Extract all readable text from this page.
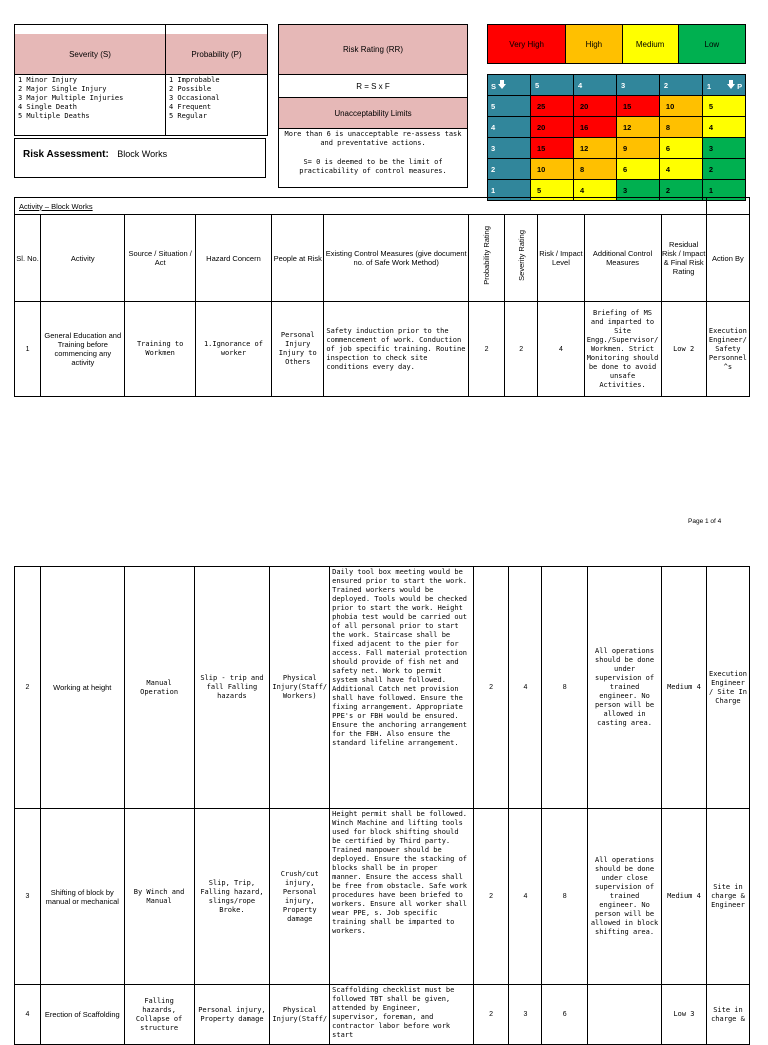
Severity (S)	Probability (P)
1 Minor Injury
2 Major Single Injury
3 Major Multiple Injuries
4 Single Death
5 Multiple Deaths
1 Improbable
2 Possible
3 Occasional
4 Frequent
5 Regular
Risk Assessment: Block Works
Risk Rating (RR)
R = S x F
Unacceptability Limits
More than 6 is unacceptable re-assess task and preventative actions.
S= 0 is deemed to be the limit of practicability of control measures.
Very High	High	Medium	Low
S	5	4	3	2	1 P
5	25	20	15	10	5
4	20	16	12	8	4
3	15	12	9	6	3
2	10	8	6	4	2
1	5	4	3	2	1
Activity – Block Works											
Sl. No.	Activity	Source / Situation / Act	Hazard Concern	People at Risk	Existing Control Measures (give document no. of Safe Work Method)	Probability Rating	Severity Rating	Risk / Impact Level	Additional Control Measures	Residual Risk / Impact & Final Risk Rating	Action By
1	General Education and Training before commencing any activity	Training to Workmen	1.Ignorance of worker	Personal Injury Injury to Others	Safety induction prior to the commencement of work. Conduction of job specific training. Routine inspection to check site conditions every day.	2	2	4	Briefing of MS and imparted to Site Engg./Supervisor/ Workmen. Strict Monitoring should be done to avoid unsafe Activities.	Low 2	Execution Engineer/ Safety Personnel ^s
Page 1 of 4
2	Working at height	Manual Operation	Slip - trip and fall Falling hazards	Physical Injury(Staff/ Workers)	Daily tool box meeting would be ensured prior to start the work. Trained workers would be deployed. Tools would be checked prior to start the work. Height phobia test would be carried out of all personal prior to start the work. Staircase shall be fixed adjacent to the pier for access. Fall material protection should provide of fish net and safety net. Work to permit system shall have followed. Additional Catch net provision shall have followed. Ensure the fixing arrangement. Appropriate PPE's or FBH would be ensured. Ensure the anchoring arrangement for the FBH. Also ensure the standard lifeline arrangement.	2	4	8	All operations should be done under supervision of trained engineer. No person will be allowed in casting area.	Medium 4	Execution Engineer / Site In Charge
3	Shifting of block by manual or mechanical	By Winch and Manual	Slip, Trip, Falling hazard, slings/rope Broke.	Crush/cut injury, Personal injury, Property damage	Height permit shall be followed. Winch Machine and lifting tools used for block shifting should be certified by Third party. Trained manpower should be deployed. Ensure the stacking of blocks shall be in proper manner. Ensure the access shall be free from obstacle. Safe work procedures have been briefed to workers. Ensure all worker shall wear PPE, s. Job specific training shall be imparted to workers.	2	4	8	All operations should be done under close supervision of trained engineer. No person will be allowed in block shifting area.	Medium 4	Site in charge & Engineer
4	Erection of Scaffolding	Falling hazards, Collapse of structure	Personal injury, Property damage	Physical Injury(Staff/	Scaffolding checklist must be followed TBT shall be given, attended by Engineer, supervisor, foreman, and contractor labor before work start	2	3	6		Low 3	Site in charge &
